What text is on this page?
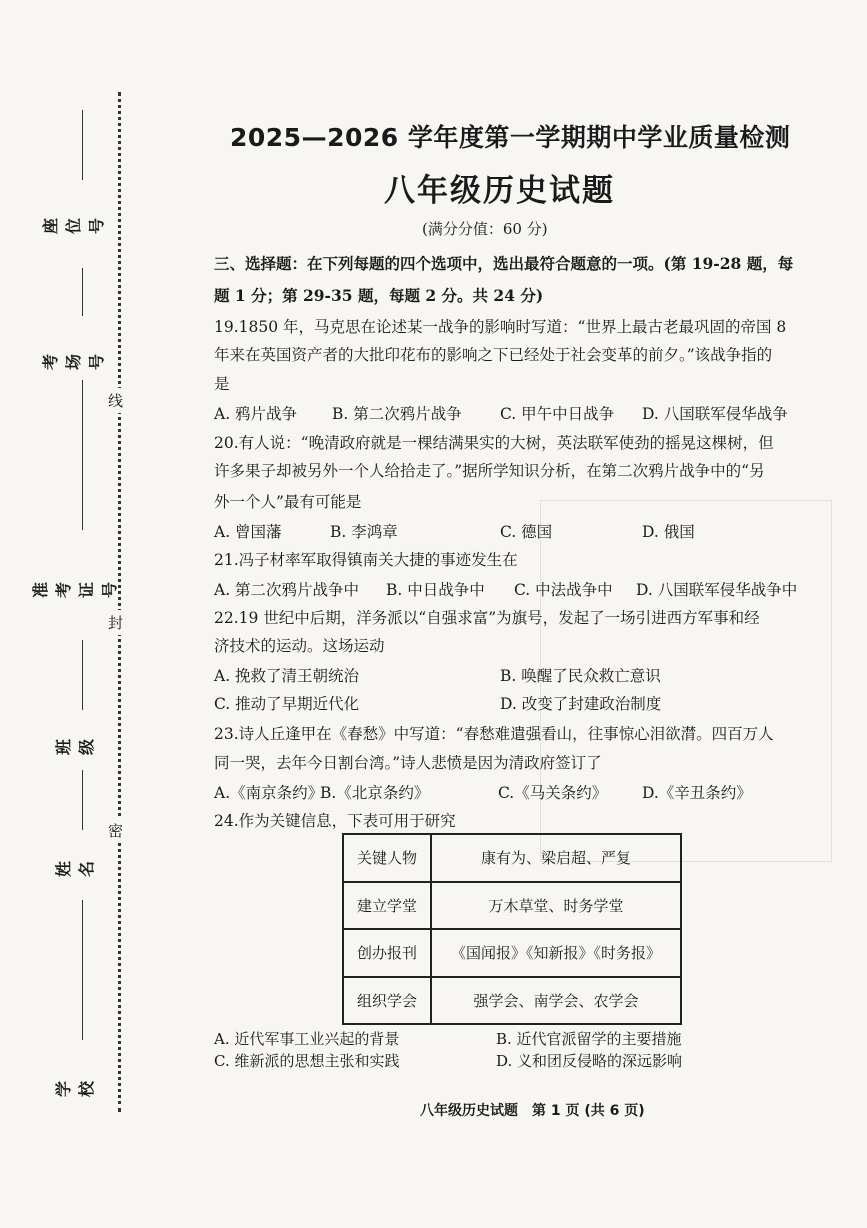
线
封
密
座位号
考场号
准考证号
班级
姓名
学校
2025—2026 学年度第一学期期中学业质量检测
八年级历史试题
(满分分值：60 分)
三、选择题：在下列每题的四个选项中，选出最符合题意的一项。(第 19-28 题，每
题 1 分；第 29-35 题，每题 2 分。共 24 分)
19.1850 年，马克思在论述某一战争的影响时写道：“世界上最古老最巩固的帝国 8
年来在英国资产者的大批印花布的影响之下已经处于社会变革的前夕。”该战争指的
是
A. 鸦片战争 B. 第二次鸦片战争 C. 甲午中日战争 D. 八国联军侵华战争
20.有人说：“晚清政府就是一棵结满果实的大树，英法联军使劲的摇晃这棵树，但
许多果子却被另外一个人给拾走了。”据所学知识分析，在第二次鸦片战争中的“另
外一个人”最有可能是
A. 曾国藩	B. 李鸿章	C. 德国	D. 俄国
21.冯子材率军取得镇南关大捷的事迹发生在
A. 第二次鸦片战争中 B. 中日战争中 C. 中法战争中 D. 八国联军侵华战争中
22.19 世纪中后期，洋务派以“自强求富”为旗号，发起了一场引进西方军事和经
济技术的运动。这场运动
A. 挽救了清王朝统治	B. 唤醒了民众救亡意识
C. 推动了早期近代化	D. 改变了封建政治制度
23.诗人丘逢甲在《春愁》中写道：“春愁难遣强看山，往事惊心泪欲潸。四百万人
同一哭，去年今日割台湾。”诗人悲愤是因为清政府签订了
A.《南京条约》
B.《北京条约》	C.《马关条约》 D.《辛丑条约》
24.作为关键信息，下表可用于研究
关键人物	康有为、梁启超、严复
建立学堂	万木草堂、时务学堂
创办报刊	《国闻报》《知新报》《时务报》
组织学会	强学会、南学会、农学会
A. 近代军事工业兴起的背景	B. 近代官派留学的主要措施
C. 维新派的思想主张和实践	D. 义和团反侵略的深远影响
八年级历史试题　第 1 页 (共 6 页)
